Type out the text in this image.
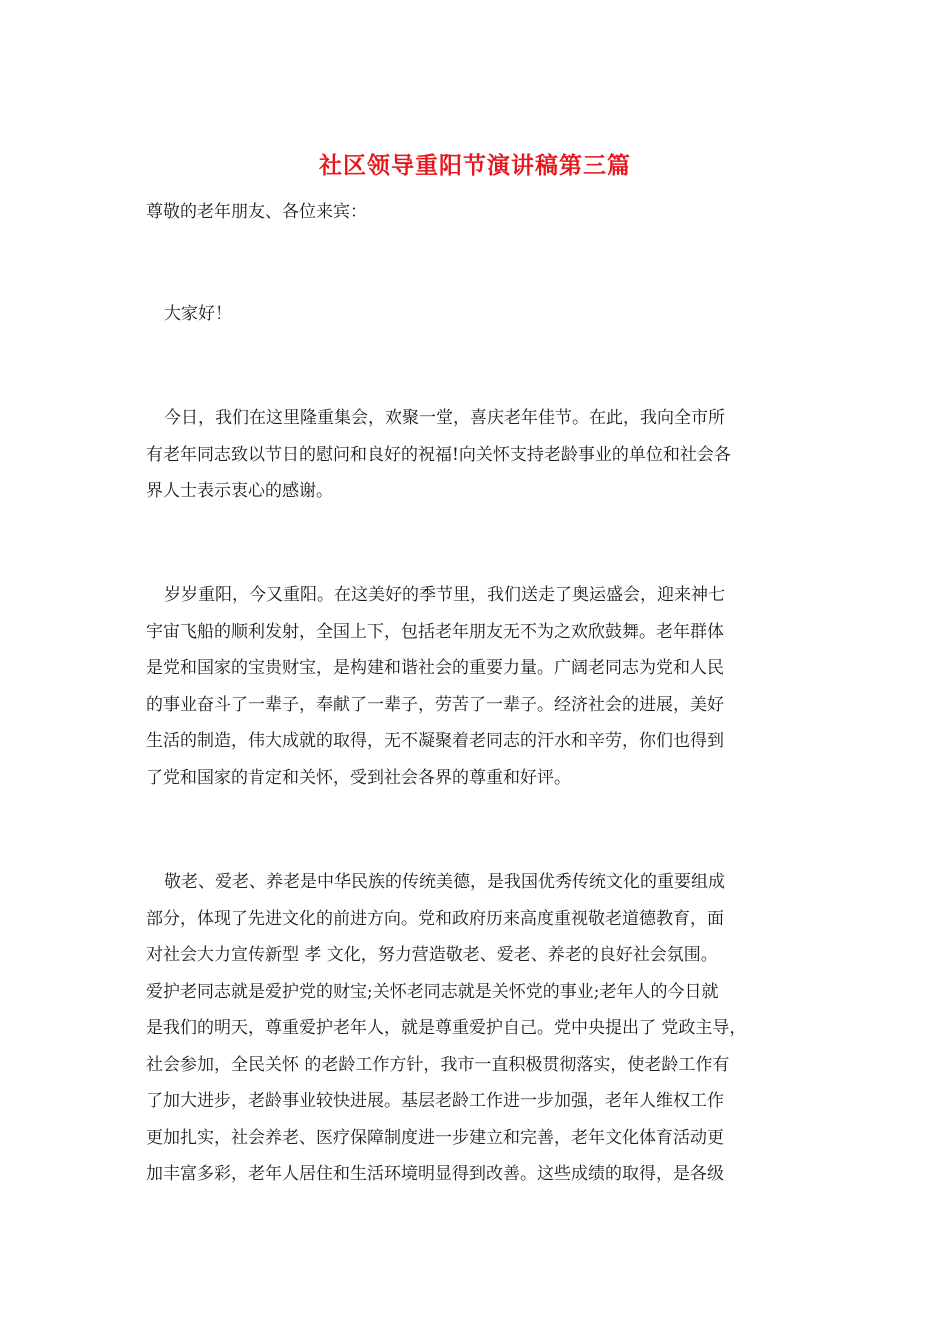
社区领导重阳节演讲稿第三篇

尊敬的老年朋友、各位来宾：

大家好！

今日，我们在这里隆重集会，欢聚一堂，喜庆老年佳节。在此，我向全市所
有老年同志致以节日的慰问和良好的祝福!向关怀支持老龄事业的单位和社会各
界人士表示衷心的感谢。

岁岁重阳，今又重阳。在这美好的季节里，我们送走了奥运盛会，迎来神七
宇宙飞船的顺利发射，全国上下，包括老年朋友无不为之欢欣鼓舞。老年群体
是党和国家的宝贵财宝，是构建和谐社会的重要力量。广阔老同志为党和人民
的事业奋斗了一辈子，奉献了一辈子，劳苦了一辈子。经济社会的进展，美好
生活的制造，伟大成就的取得，无不凝聚着老同志的汗水和辛劳，你们也得到
了党和国家的肯定和关怀，受到社会各界的尊重和好评。

敬老、爱老、养老是中华民族的传统美德，是我国优秀传统文化的重要组成
部分，体现了先进文化的前进方向。党和政府历来高度重视敬老道德教育，面
对社会大力宣传新型 孝 文化，努力营造敬老、爱老、养老的良好社会氛围。
爱护老同志就是爱护党的财宝;关怀老同志就是关怀党的事业;老年人的今日就
是我们的明天，尊重爱护老年人，就是尊重爱护自己。党中央提出了 党政主导，
社会参加，全民关怀 的老龄工作方针，我市一直积极贯彻落实，使老龄工作有
了加大进步，老龄事业较快进展。基层老龄工作进一步加强，老年人维权工作
更加扎实，社会养老、医疗保障制度进一步建立和完善，老年文化体育活动更
加丰富多彩，老年人居住和生活环境明显得到改善。这些成绩的取得，是各级
